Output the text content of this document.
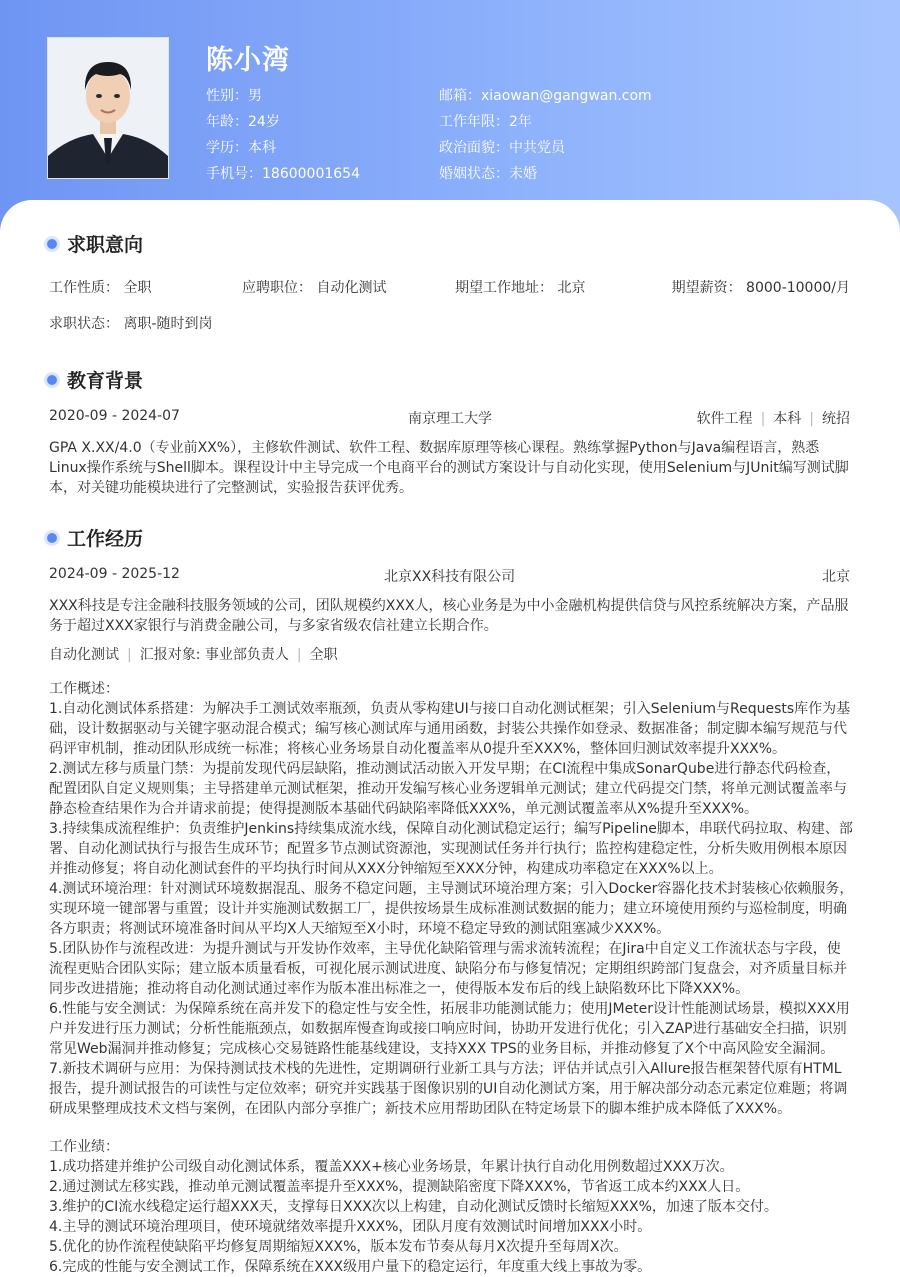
陈小湾
性别：男
年龄：24岁
学历：本科
手机号：18600001654
邮箱：xiaowan@gangwan.com
工作年限：2年
政治面貌：中共党员
婚姻状态：未婚
求职意向
工作性质： 全职	应聘职位： 自动化测试	期望工作地址： 北京	期望薪资： 8000-10000/月
求职状态： 离职-随时到岗
教育背景
2020-09 - 2024-07	南京理工大学	软件工程 | 本科 | 统招
GPA X.XX/4.0（专业前XX%），主修软件测试、软件工程、数据库原理等核心课程。熟练掌握Python与Java编程语言，熟悉Linux操作系统与Shell脚本。课程设计中主导完成一个电商平台的测试方案设计与自动化实现，使用Selenium与JUnit编写测试脚本，对关键功能模块进行了完整测试，实验报告获评优秀。
工作经历
2024-09 - 2025-12	北京XX科技有限公司	北京
XXX科技是专注金融科技服务领域的公司，团队规模约XXX人，核心业务是为中小金融机构提供信贷与风控系统解决方案，产品服务于超过XXX家银行与消费金融公司，与多家省级农信社建立长期合作。
自动化测试 | 汇报对象: 事业部负责人 | 全职
工作概述：
1.自动化测试体系搭建：为解决手工测试效率瓶颈，负责从零构建UI与接口自动化测试框架；引入Selenium与Requests库作为基础，设计数据驱动与关键字驱动混合模式；编写核心测试库与通用函数，封装公共操作如登录、数据准备；制定脚本编写规范与代码评审机制，推动团队形成统一标准；将核心业务场景自动化覆盖率从0提升至XXX%，整体回归测试效率提升XXX%。
2.测试左移与质量门禁：为提前发现代码层缺陷，推动测试活动嵌入开发早期；在CI流程中集成SonarQube进行静态代码检查，配置团队自定义规则集；主导搭建单元测试框架，推动开发编写核心业务逻辑单元测试；建立代码提交门禁，将单元测试覆盖率与静态检查结果作为合并请求前提；使得提测版本基础代码缺陷率降低XXX%，单元测试覆盖率从X%提升至XXX%。
3.持续集成流程维护：负责维护Jenkins持续集成流水线，保障自动化测试稳定运行；编写Pipeline脚本，串联代码拉取、构建、部署、自动化测试执行与报告生成环节；配置多节点测试资源池，实现测试任务并行执行；监控构建稳定性，分析失败用例根本原因并推动修复；将自动化测试套件的平均执行时间从XXX分钟缩短至XXX分钟，构建成功率稳定在XXX%以上。
4.测试环境治理：针对测试环境数据混乱、服务不稳定问题，主导测试环境治理方案；引入Docker容器化技术封装核心依赖服务，实现环境一键部署与重置；设计并实施测试数据工厂，提供按场景生成标准测试数据的能力；建立环境使用预约与巡检制度，明确各方职责；将测试环境准备时间从平均X人天缩短至X小时，环境不稳定导致的测试阻塞减少XXX%。
5.团队协作与流程改进：为提升测试与开发协作效率，主导优化缺陷管理与需求流转流程；在Jira中自定义工作流状态与字段，使流程更贴合团队实际；建立版本质量看板，可视化展示测试进度、缺陷分布与修复情况；定期组织跨部门复盘会，对齐质量目标并同步改进措施；推动将自动化测试通过率作为版本准出标准之一，使得版本发布后的线上缺陷数环比下降XXX%。
6.性能与安全测试：为保障系统在高并发下的稳定性与安全性，拓展非功能测试能力；使用JMeter设计性能测试场景，模拟XXX用户并发进行压力测试；分析性能瓶颈点，如数据库慢查询或接口响应时间，协助开发进行优化；引入ZAP进行基础安全扫描，识别常见Web漏洞并推动修复；完成核心交易链路性能基线建设，支持XXX TPS的业务目标，并推动修复了X个中高风险安全漏洞。
7.新技术调研与应用：为保持测试技术栈的先进性，定期调研行业新工具与方法；评估并试点引入Allure报告框架替代原有HTML报告，提升测试报告的可读性与定位效率；研究并实践基于图像识别的UI自动化测试方案，用于解决部分动态元素定位难题；将调研成果整理成技术文档与案例，在团队内部分享推广；新技术应用帮助团队在特定场景下的脚本维护成本降低了XXX%。
工作业绩：
1.成功搭建并维护公司级自动化测试体系，覆盖XXX+核心业务场景，年累计执行自动化用例数超过XXX万次。
2.通过测试左移实践，推动单元测试覆盖率提升至XXX%，提测缺陷密度下降XXX%，节省返工成本约XXX人日。
3.维护的CI流水线稳定运行超XXX天，支撑每日XXX次以上构建，自动化测试反馈时长缩短XXX%，加速了版本交付。
4.主导的测试环境治理项目，使环境就绪效率提升XXX%，团队月度有效测试时间增加XXX小时。
5.优化的协作流程使缺陷平均修复周期缩短XXX%，版本发布节奏从每月X次提升至每周X次。
6.完成的性能与安全测试工作，保障系统在XXX级用户量下的稳定运行，年度重大线上事故为零。
